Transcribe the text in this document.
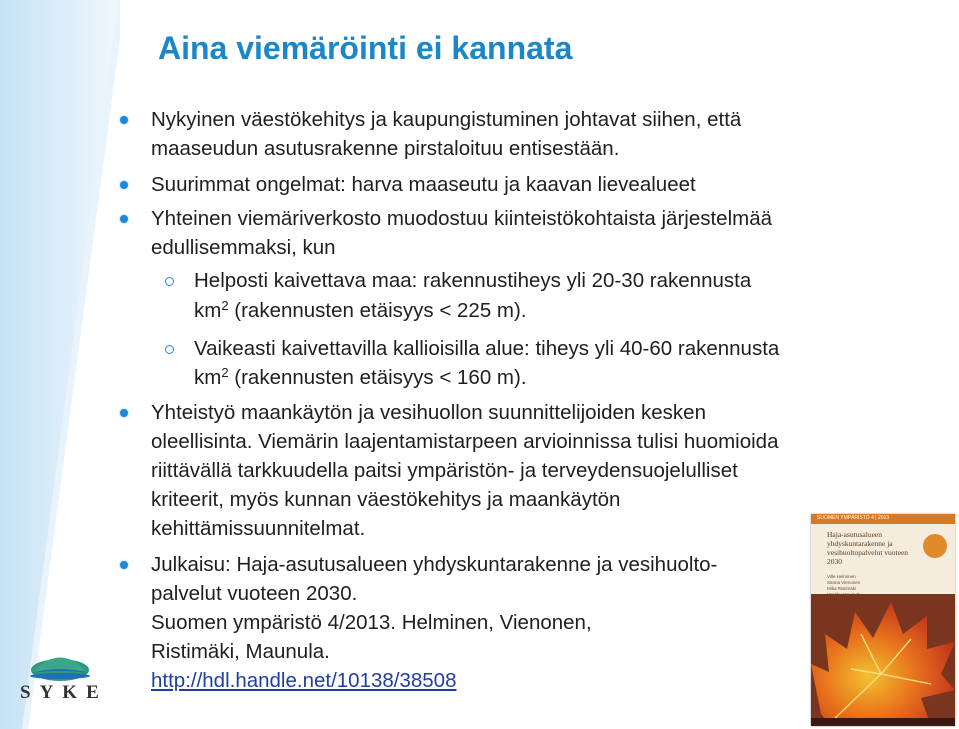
Aina viemäröinti ei kannata
Nykyinen väestökehitys ja kaupungistuminen johtavat siihen, että
maaseudun asutusrakenne pirstaloituu entisestään.
Suurimmat ongelmat: harva maaseutu ja kaavan lievealueet
Yhteinen viemäriverkosto muodostuu kiinteistökohtaista järjestelmää
edullisemmaksi, kun
Helposti kaivettava maa: rakennustiheys yli 20-30 rakennusta
$km^2$ (rakennusten etäisyys < 225 m).
Vaikeasti kaivettavilla kallioisilla alue: tiheys yli 40-60 rakennusta
$km^2$ (rakennusten etäisyys < 160 m).
Yhteistyö maankäytön ja vesihuollon suunnittelijoiden kesken
oleellisinta. Viemärin laajentamistarpeen arvioinnissa tulisi huomioida
riittävällä tarkkuudella paitsi ympäristön- ja terveydensuojelulliset
kriteerit, myös kunnan väestökehitys ja maankäytön
kehittämissuunnitelmat.
Julkaisu: Haja-asutusalueen yhdyskuntarakenne ja vesihuolto-
palvelut vuoteen 2030.
Suomen ympäristö 4/2013. Helminen, Vienonen,
Ristimäki, Maunula.
http://hdl.handle.net/10138/38508
SYKE
SUOMEN YMPÄRISTÖ 4 | 2013
Haja-asutusalueen yhdyskuntarakenne ja vesihuoltopalvelut vuoteen 2030
Ville Helminen
Sanna Vienonen
Mika Ristimäki
